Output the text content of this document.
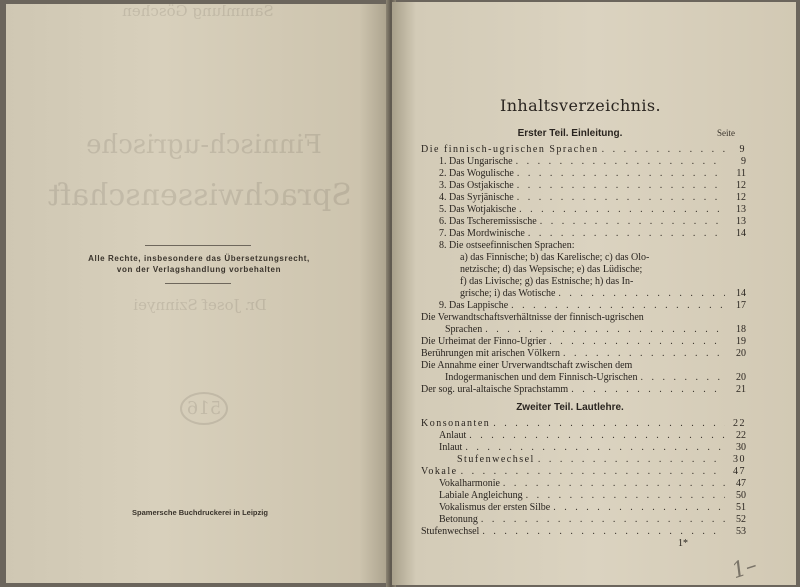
Sammlung Göschen
Finnisch-ugrische
Sprachwissenschaft
Dr. Josef Szinnyei
516
Alle Rechte, insbesondere das Übersetzungsrecht,
von der Verlagshandlung vorbehalten
Spamersche Buchdruckerei in Leipzig
Inhaltsverzeichnis.
Erster Teil. Einleitung.	Seite
Die finnisch-ugrischen Sprachen . . .	9
1. Das Ungarische . . .	9
2. Das Wogulische . . .	11
3. Das Ostjakische . . .	12
4. Das Syrjänische . . .	12
5. Das Wotjakische . . .	13
6. Das Tscheremissische . . .	13
7. Das Mordwinische . . .	14
8. Die ostseefinnischen Sprachen:
a) das Finnische; b) das Karelische; c) das Olo-
netzische; d) das Wepsische; e) das Lüdische;
f) das Livische; g) das Estnische; h) das In-
grische; i) das Wotische . . .	14
9. Das Lappische . . .	17
Die Verwandtschaftsverhältnisse der finnisch-ugrischen
Sprachen . . .	18
Die Urheimat der Finno-Ugrier . . .	19
Berührungen mit arischen Völkern . . .	20
Die Annahme einer Urverwandtschaft zwischen dem
Indogermanischen und dem Finnisch-Ugrischen . . .	20
Der sog. ural-altaische Sprachstamm . . .	21
Zweiter Teil. Lautlehre.
Konsonanten . . .	22
Anlaut . . .	22
Inlaut . . .	30
Stufenwechsel . . .	30
Vokale . . .	47
Vokalharmonie . . .	47
Labiale Angleichung . . .	50
Vokalismus der ersten Silbe . . .	51
Betonung . . .	52
Stufenwechsel . . .	53
1*
1–
